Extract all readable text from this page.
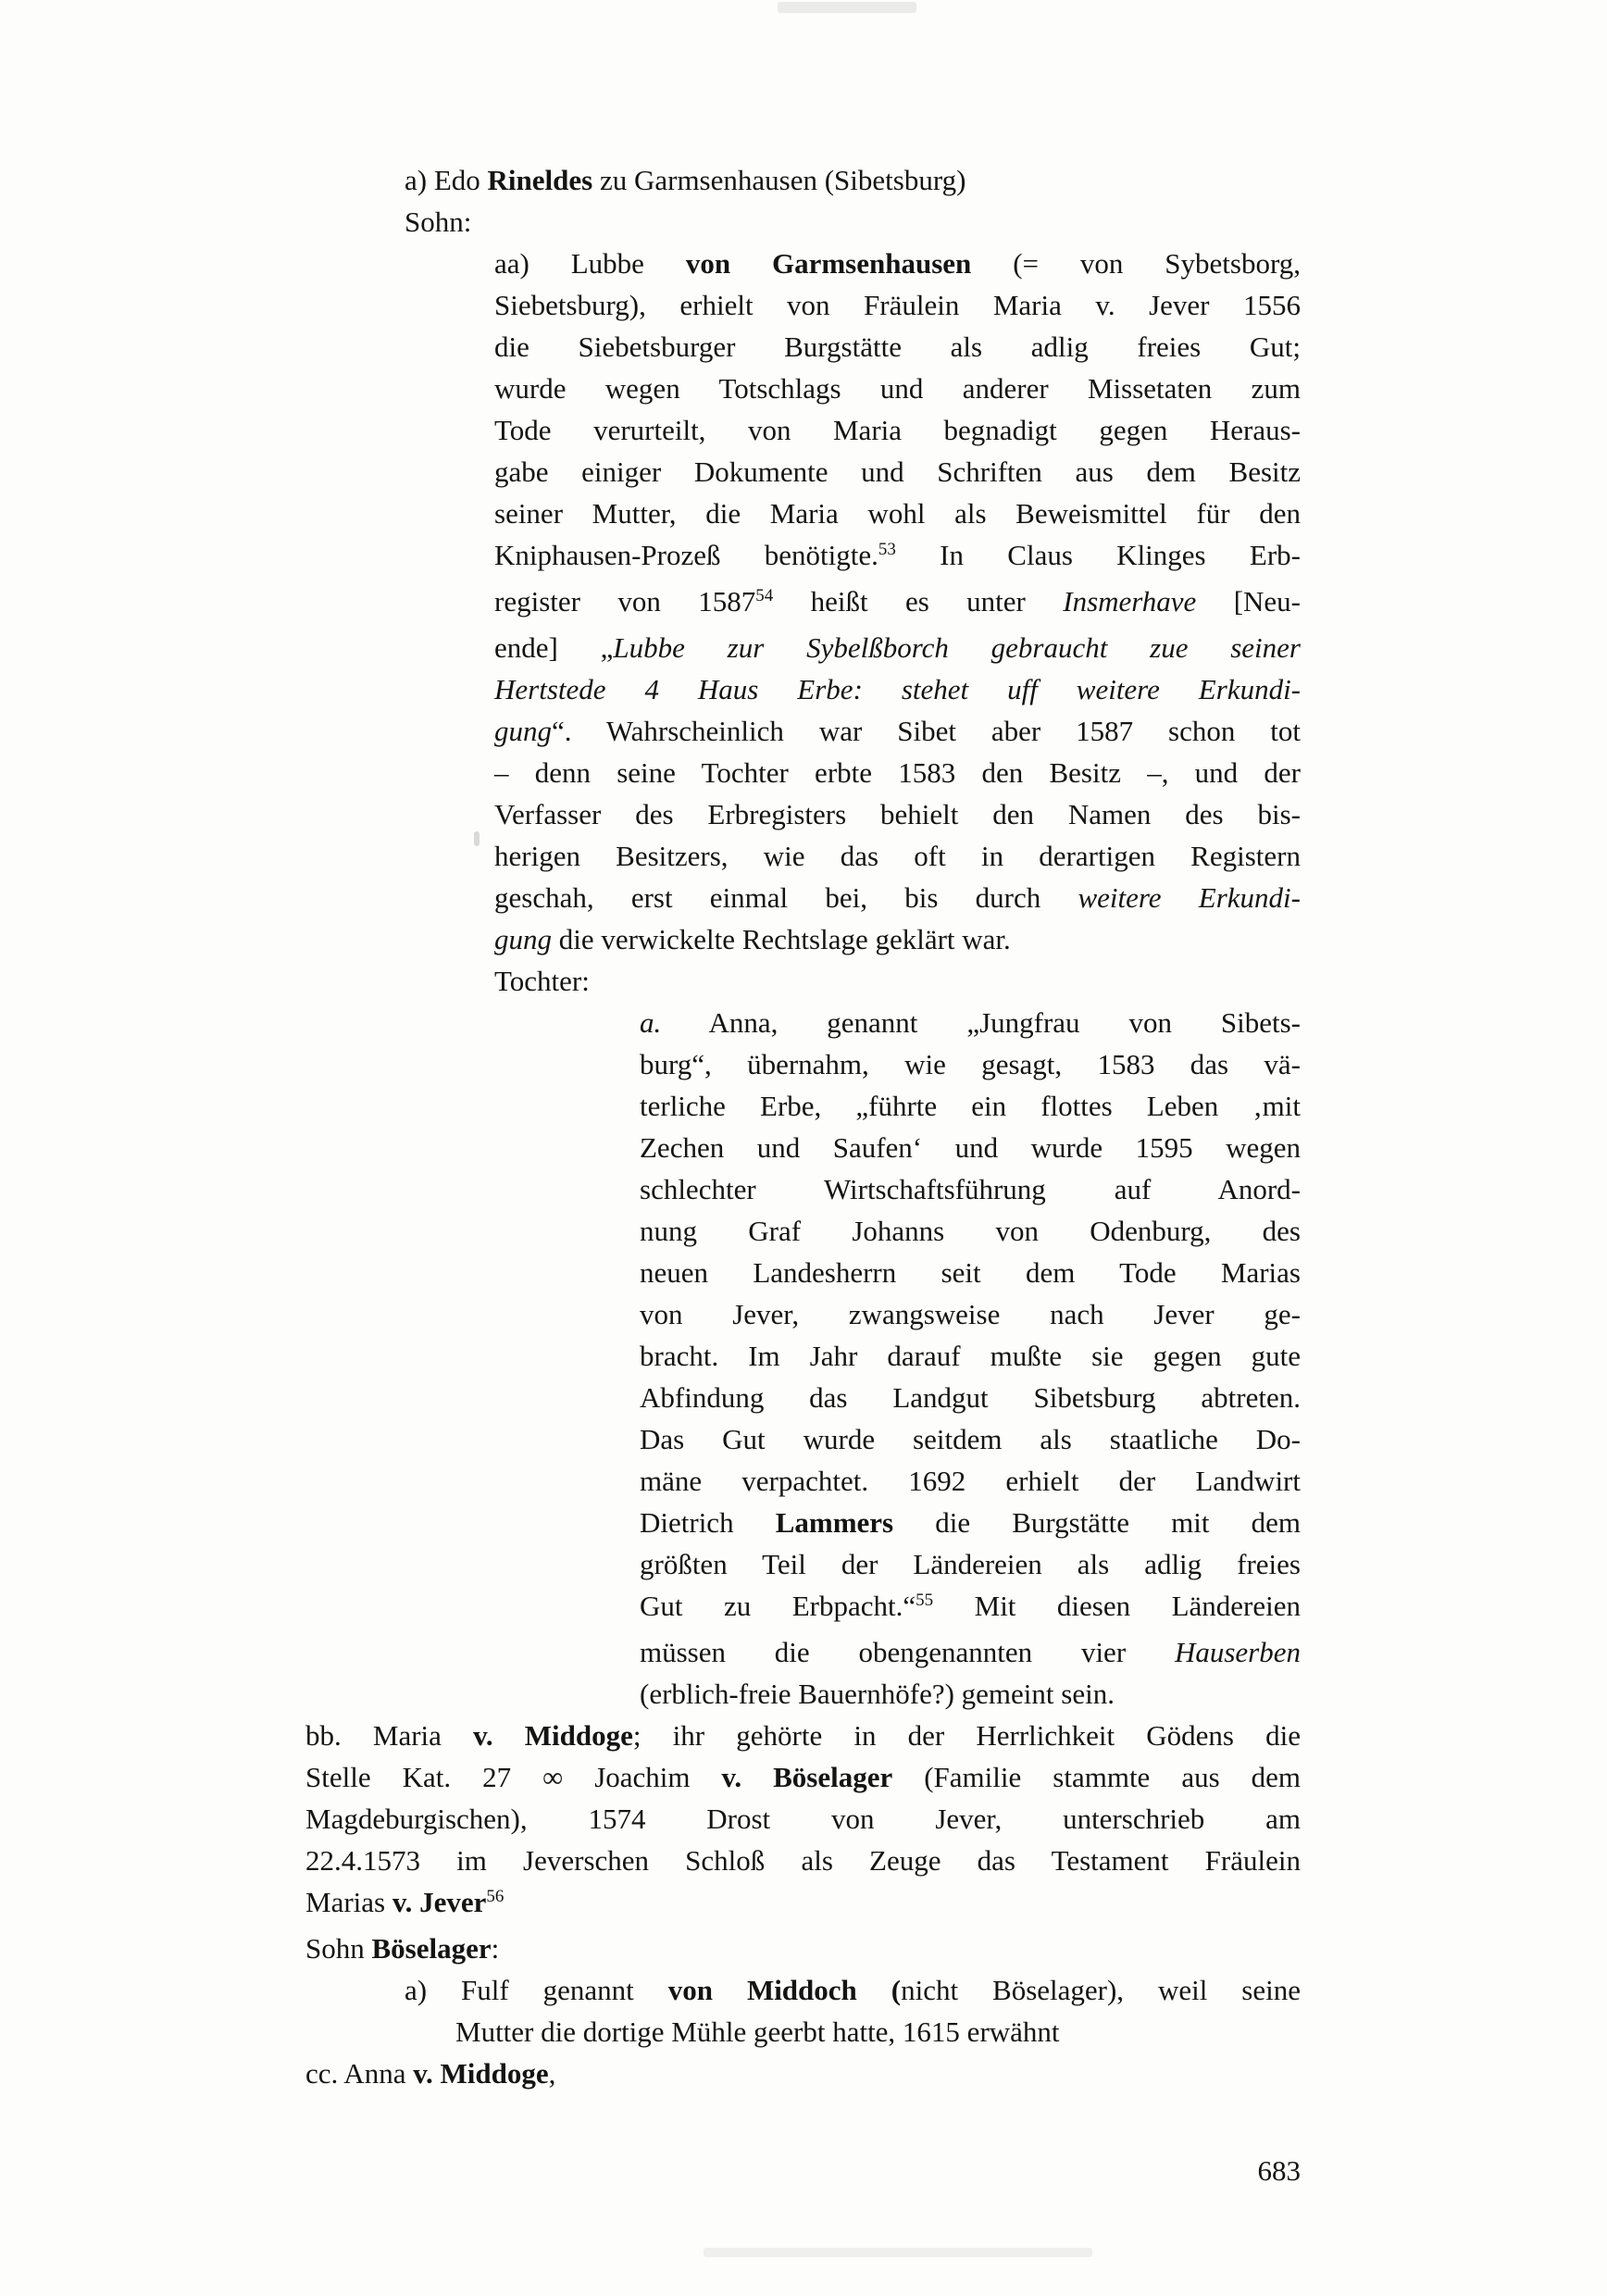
a) Edo Rineldes zu Garmsenhausen (Sibetsburg)
Sohn:
aa) Lubbe von Garmsenhausen (= von Sybetsborg,
Siebetsburg), erhielt von Fräulein Maria v. Jever 1556
die Siebetsburger Burgstätte als adlig freies Gut;
wurde wegen Totschlags und anderer Missetaten zum
Tode verurteilt, von Maria begnadigt gegen Heraus-
gabe einiger Dokumente und Schriften aus dem Besitz
seiner Mutter, die Maria wohl als Beweismittel für den
Kniphausen-Prozeß benötigte.$^{53}$ In Claus Klinges Erb-
register von 1587$^{54}$ heißt es unter Insmerhave [Neu-
ende] „Lubbe zur Sybelßborch gebraucht zue seiner
Hertstede 4 Haus Erbe: stehet uff weitere Erkundi-
gung“. Wahrscheinlich war Sibet aber 1587 schon tot
– denn seine Tochter erbte 1583 den Besitz –, und der
Verfasser des Erbregisters behielt den Namen des bis-
herigen Besitzers, wie das oft in derartigen Registern
geschah, erst einmal bei, bis durch weitere Erkundi-
gung die verwickelte Rechtslage geklärt war.
Tochter:
a. Anna, genannt „Jungfrau von Sibets-
burg“, übernahm, wie gesagt, 1583 das vä-
terliche Erbe, „führte ein flottes Leben ‚mit
Zechen und Saufen‘ und wurde 1595 wegen
schlechter Wirtschaftsführung auf Anord-
nung Graf Johanns von Odenburg, des
neuen Landesherrn seit dem Tode Marias
von Jever, zwangsweise nach Jever ge-
bracht. Im Jahr darauf mußte sie gegen gute
Abfindung das Landgut Sibetsburg abtreten.
Das Gut wurde seitdem als staatliche Do-
mäne verpachtet. 1692 erhielt der Landwirt
Dietrich Lammers die Burgstätte mit dem
größten Teil der Ländereien als adlig freies
Gut zu Erbpacht.“$^{55}$ Mit diesen Ländereien
müssen die obengenannten vier Hauserben
(erblich-freie Bauernhöfe?) gemeint sein.
bb. Maria v. Middoge; ihr gehörte in der Herrlichkeit Gödens die
Stelle Kat. 27 ∞ Joachim v. Böselager (Familie stammte aus dem
Magdeburgischen), 1574 Drost von Jever, unterschrieb am
22.4.1573 im Jeverschen Schloß als Zeuge das Testament Fräulein
Marias v. Jever$^{56}$
Sohn Böselager:
a) Fulf genannt von Middoch (nicht Böselager), weil seine
Mutter die dortige Mühle geerbt hatte, 1615 erwähnt
cc. Anna v. Middoge,
683
